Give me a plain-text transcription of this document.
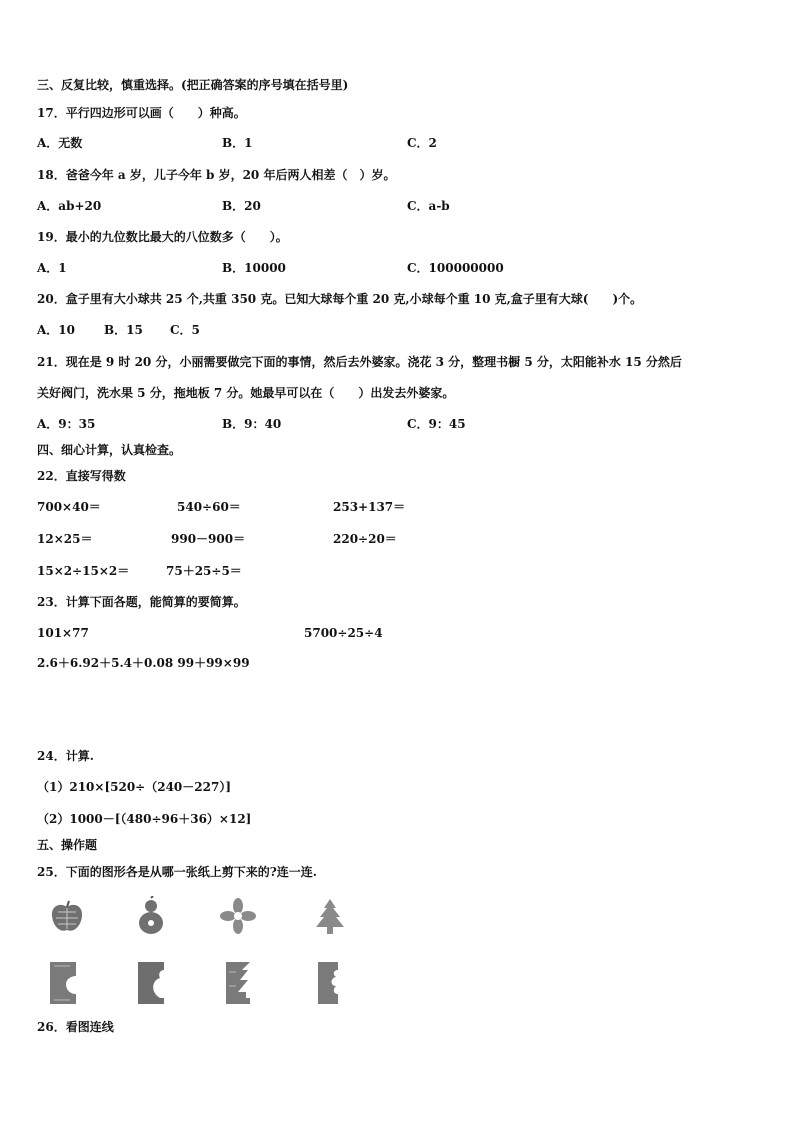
三、反复比较，慎重选择。(把正确答案的序号填在括号里)
17．平行四边形可以画（　　）种高。
A．无数	B．1	C．2
18．爸爸今年 a 岁，儿子今年 b 岁，20 年后两人相差（　）岁。
A．ab+20	B．20	C．a-b
19．最小的九位数比最大的八位数多（　　）。
A．1	B．10000	C．100000000
20．盒子里有大小球共 25 个,共重 350 克。已知大球每个重 20 克,小球每个重 10 克,盒子里有大球(　　)个。
A．10 B．15 C．5
21．现在是 9 时 20 分，小丽需要做完下面的事情，然后去外婆家。浇花 3 分，整理书橱 5 分，太阳能补水 15 分然后
关好阀门，洗水果 5 分，拖地板 7 分。她最早可以在（　　）出发去外婆家。
A．9：35	B．9：40	C．9：45
四、细心计算，认真检查。
22．直接写得数
700×40＝	540÷60＝	253+137＝
12×25＝	990－900＝	220÷20＝
15×2÷15×2＝	75＋25÷5＝
23．计算下面各题，能简算的要简算。
101×77	5700÷25÷4
2.6＋6.92＋5.4＋0.08 99＋99×99
24．计算.
（1）210×[520÷（240－227）]
（2）1000－[（480÷96＋36）×12]
五、操作题
25．下面的图形各是从哪一张纸上剪下来的?连一连.
26．看图连线
